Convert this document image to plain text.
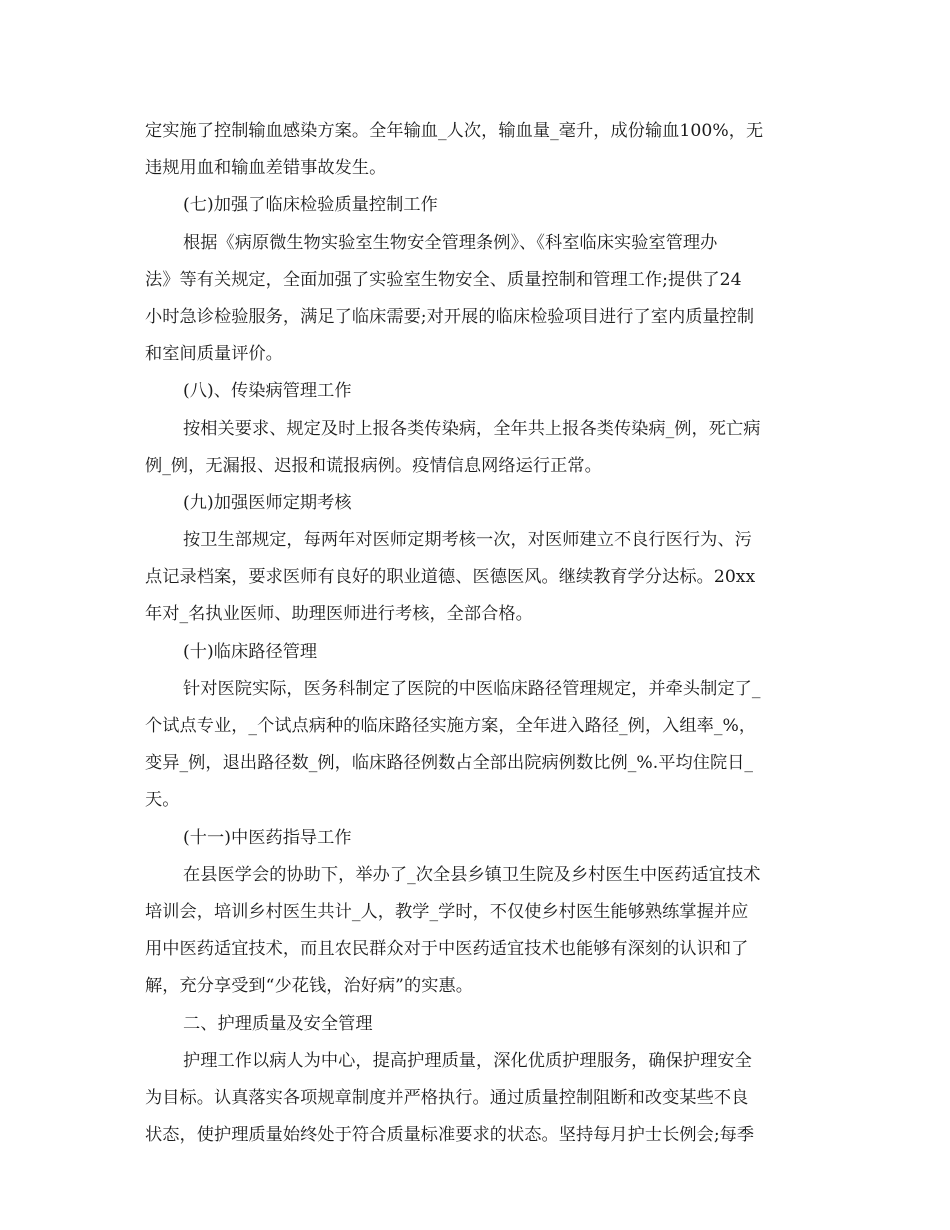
定实施了控制输血感染方案。全年输血_人次，输血量_毫升，成份输血100%，无
违规用血和输血差错事故发生。
(七)加强了临床检验质量控制工作
根据《病原微生物实验室生物安全管理条例》、《科室临床实验室管理办
法》等有关规定，全面加强了实验室生物安全、质量控制和管理工作;提供了24
小时急诊检验服务，满足了临床需要;对开展的临床检验项目进行了室内质量控制
和室间质量评价。
(八)、传染病管理工作
按相关要求、规定及时上报各类传染病，全年共上报各类传染病_例，死亡病
例_例，无漏报、迟报和谎报病例。疫情信息网络运行正常。
(九)加强医师定期考核
按卫生部规定，每两年对医师定期考核一次，对医师建立不良行医行为、污
点记录档案，要求医师有良好的职业道德、医德医风。继续教育学分达标。20xx
年对_名执业医师、助理医师进行考核，全部合格。
(十)临床路径管理
针对医院实际，医务科制定了医院的中医临床路径管理规定，并牵头制定了_
个试点专业，_个试点病种的临床路径实施方案，全年进入路径_例，入组率_%，
变异_例，退出路径数_例，临床路径例数占全部出院病例数比例_%.平均住院日_
天。
(十一)中医药指导工作
在县医学会的协助下，举办了_次全县乡镇卫生院及乡村医生中医药适宜技术
培训会，培训乡村医生共计_人，教学_学时，不仅使乡村医生能够熟练掌握并应
用中医药适宜技术，而且农民群众对于中医药适宜技术也能够有深刻的认识和了
解，充分享受到“少花钱，治好病”的实惠。
二、护理质量及安全管理
护理工作以病人为中心，提高护理质量，深化优质护理服务，确保护理安全
为目标。认真落实各项规章制度并严格执行。通过质量控制阻断和改变某些不良
状态，使护理质量始终处于符合质量标准要求的状态。坚持每月护士长例会;每季
